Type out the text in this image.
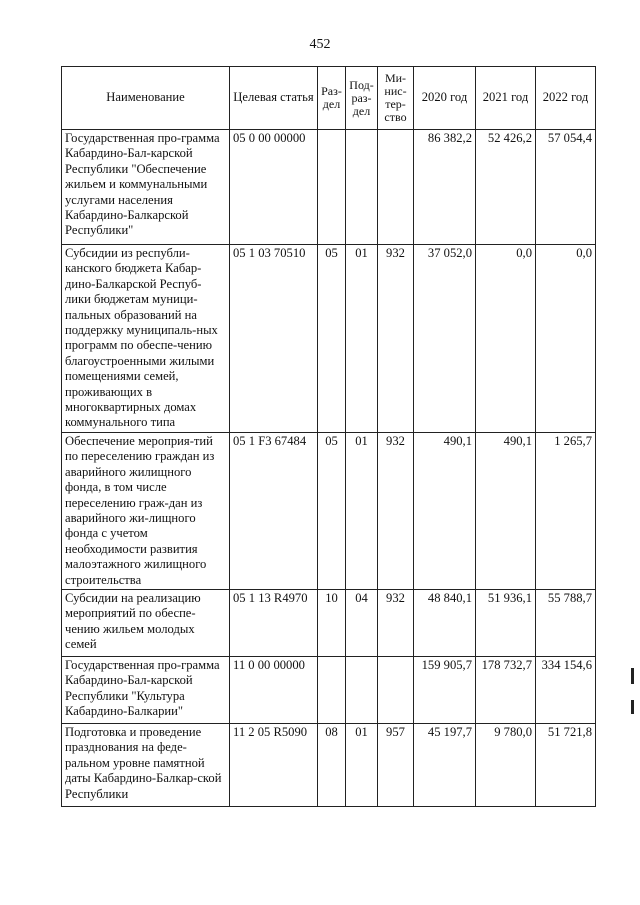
452
Наименование	Целевая статья	Раз-дел	Под-раз-дел	Ми-нис-тер-ство	2020 год	2021 год	2022 год
Государственная про-грамма Кабардино-Бал-карской Республики "Обеспечение жильем и коммунальными услугами населения Кабардино-Балкарской Республики"	05 0 00 00000				86 382,2	52 426,2	57 054,4
Субсидии из республи-канского бюджета Кабар-дино-Балкарской Респуб-лики бюджетам муници-пальных образований на поддержку муниципаль-ных программ по обеспе-чению благоустроенными жилыми помещениями семей, проживающих в многоквартирных домах коммунального типа	05 1 03 70510	05	01	932	37 052,0	0,0	0,0
Обеспечение мероприя-тий по переселению граждан из аварийного жилищного фонда, в том числе переселению граж-дан из аварийного жи-лищного фонда с учетом необходимости развития малоэтажного жилищного строительства	05 1 F3 67484	05	01	932	490,1	490,1	1 265,7
Субсидии на реализацию мероприятий по обеспе-чению жильем молодых семей	05 1 13 R4970	10	04	932	48 840,1	51 936,1	55 788,7
Государственная про-грамма Кабардино-Бал-карской Республики "Культура Кабардино-Балкарии"	11 0 00 00000				159 905,7	178 732,7	334 154,6
Подготовка и проведение празднования на феде-ральном уровне памятной даты Кабардино-Балкар-ской Республики	11 2 05 R5090	08	01	957	45 197,7	9 780,0	51 721,8
